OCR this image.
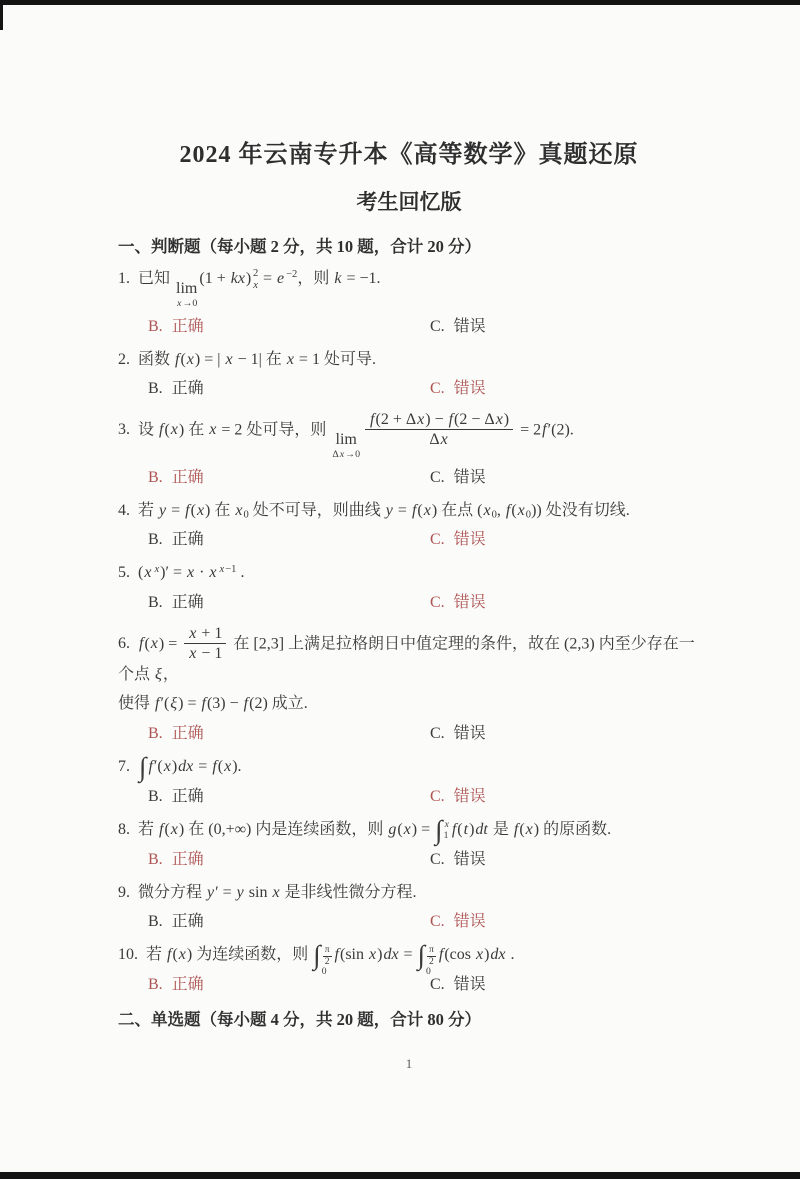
2024 年云南专升本《高等数学》真题还原
考生回忆版
一、判断题（每小题 2 分，共 10 题，合计 20 分）
1. 已知
lim
x→0
(1 + kx) $^{2 x}$ = e $^{-2}$，则 k = −1.
B. 正确	C. 错误
2. 函数 f(x) = | x − 1| 在 x = 1 处可导.
B. 正确	C. 错误
3. 设 f(x) 在 x = 2 处可导，则
lim
Δx→0
$\frac{f(2 + \Delta x) - f(2 - \Delta x)}{\Delta x} = 2f'(2)$.
B. 正确	C. 错误
4. 若 y = f(x) 在 x0 处不可导，则曲线 y = f(x) 在点 (x0, f(x0)) 处没有切线.
B. 正确	C. 错误
5. (x $^x$)′ = x · x $^{x-1}$ .
B. 正确	C. 错误
6. $f(x) = \frac{x + 1}{x - 1}$ 在 [2,3] 上满足拉格朗日中值定理的条件，故在 (2,3) 内至少存在一个点 ξ，
使得 f′(ξ) = f(3) − f(2) 成立.
B. 正确	C. 错误
7. ∫ f′(x)dx = f(x).
B. 正确	C. 错误
8. 若 f(x) 在 (0,+∞) 内是连续函数，则 g(x) = ∫ x
1 f(t)dt 是 f(x) 的原函数.
B. 正确	C. 错误
9. 微分方程 y′ = y sin x 是非线性微分方程.
B. 正确	C. 错误
10. 若 f(x) 为连续函数，则 ∫ $\frac{\pi}{2}$
0
f(sin x)dx = ∫ $\frac{\pi}{2}$
0
f(cos x)dx .
B. 正确	C. 错误
二、单选题（每小题 4 分，共 20 题，合计 80 分）
1
